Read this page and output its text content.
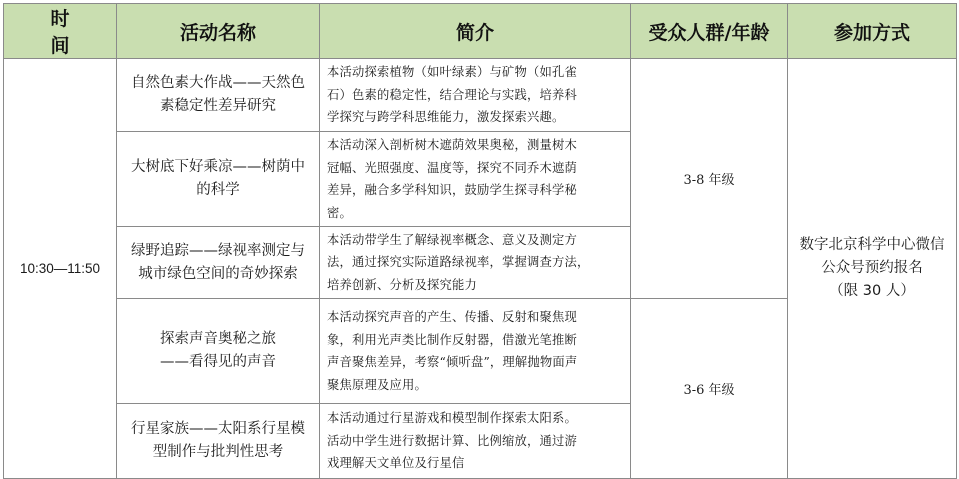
时间	活动名称	简介	受众人群/年龄	参加方式
10:30—11:50	自然色素大作战——天然色
素稳定性差异研究	本活动探索植物（如叶绿素）与矿物（如孔雀
石）色素的稳定性，结合理论与实践，培养科
学探究与跨学科思维能力，激发探索兴趣。	3-8 年级	数字北京科学中心微信
公众号预约报名
（限 30 人）

	大树底下好乘凉——树荫中
的科学	本活动深入剖析树木遮荫效果奥秘，测量树木
冠幅、光照强度、温度等，探究不同乔木遮荫
差异，融合多学科知识，鼓励学生探寻科学秘
密。		

	绿野追踪——绿视率测定与
城市绿色空间的奇妙探索	本活动带学生了解绿视率概念、意义及测定方
法，通过探究实际道路绿视率，掌握调查方法，
培养创新、分析及探究能力		

	探索声音奥秘之旅
——看得见的声音	本活动探究声音的产生、传播、反射和聚焦现
象，利用光声类比制作反射器，借激光笔推断
声音聚焦差异，考察“倾听盘”，理解抛物面声
聚焦原理及应用。	3-6 年级	

	行星家族——太阳系行星模
型制作与批判性思考	本活动通过行星游戏和模型制作探索太阳系。
活动中学生进行数据计算、比例缩放，通过游
戏理解天文单位及行星信		
